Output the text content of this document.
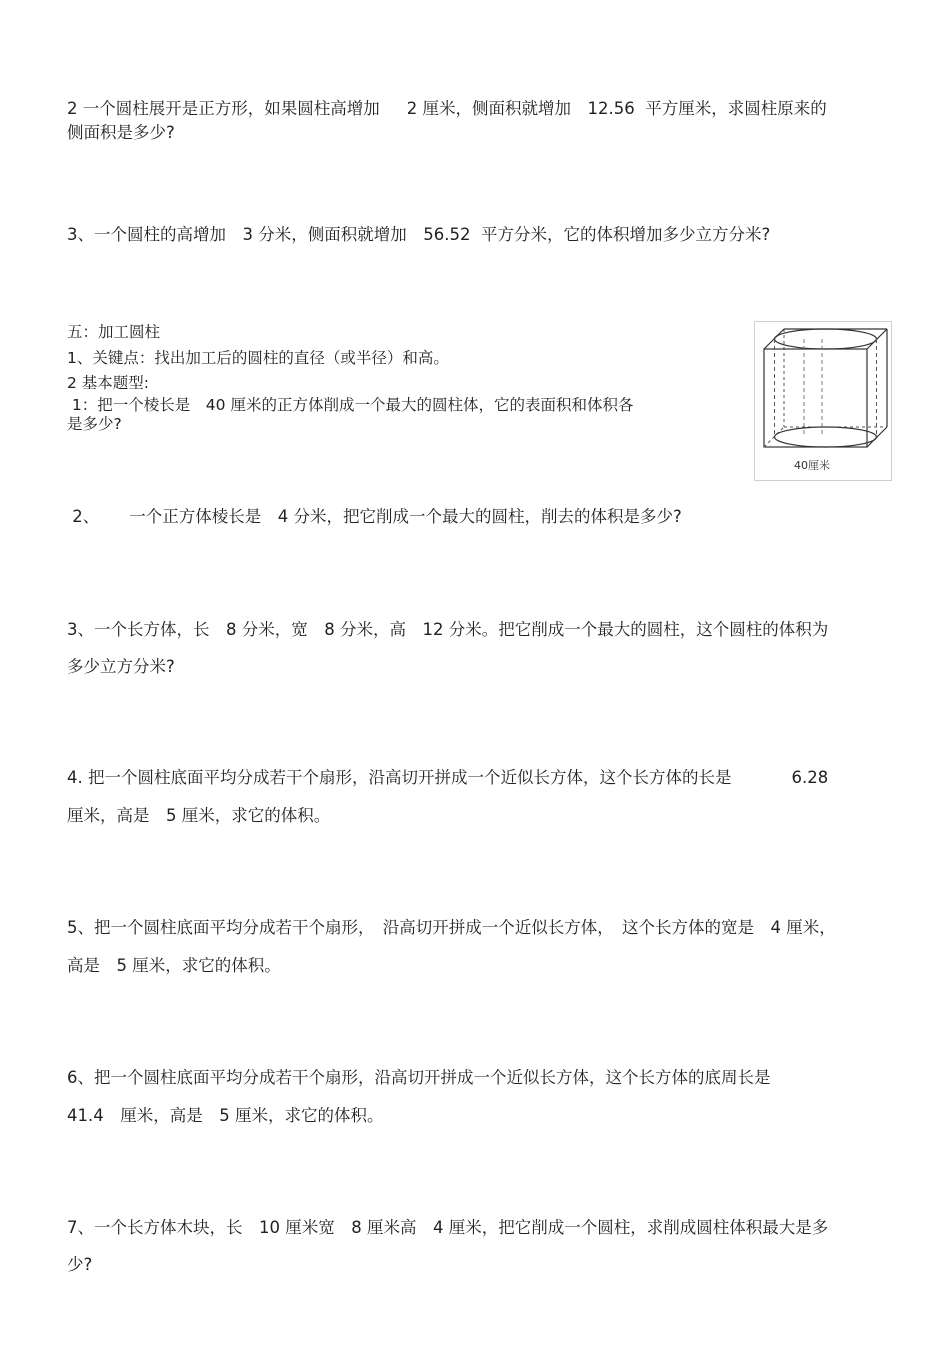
2 一个圆柱展开是正方形，如果圆柱高增加　  2 厘米，侧面积就增加　12.56  平方厘米，求圆柱原来的
侧面积是多少?
3、一个圆柱的高增加　3 分米，侧面积就增加　56.52  平方分米，它的体积增加多少立方分米?
五：加工圆柱
1、关键点：找出加工后的圆柱的直径（或半径）和高。
2 基本题型:
1：把一个棱长是　40 厘米的正方体削成一个最大的圆柱体，它的表面积和体积各
是多少?
40厘米
2、　　 一个正方体棱长是　4 分米，把它削成一个最大的圆柱，削去的体积是多少?
3、一个长方体，长　8 分米，宽　8 分米，高　12 分米。把它削成一个最大的圆柱，这个圆柱的体积为
多少立方分米?
4. 把一个圆柱底面平均分成若干个扇形，沿高切开拼成一个近似长方体，这个长方体的长是　　　  6.28
厘米，高是　5 厘米，求它的体积。
5、把一个圆柱底面平均分成若干个扇形，　沿高切开拼成一个近似长方体，　这个长方体的宽是　4 厘米，
高是　5 厘米，求它的体积。
6、把一个圆柱底面平均分成若干个扇形，沿高切开拼成一个近似长方体，这个长方体的底周长是
41.4　厘米，高是　5 厘米，求它的体积。
7、一个长方体木块，长　10 厘米宽　8 厘米高　4 厘米，把它削成一个圆柱，求削成圆柱体积最大是多
少?
